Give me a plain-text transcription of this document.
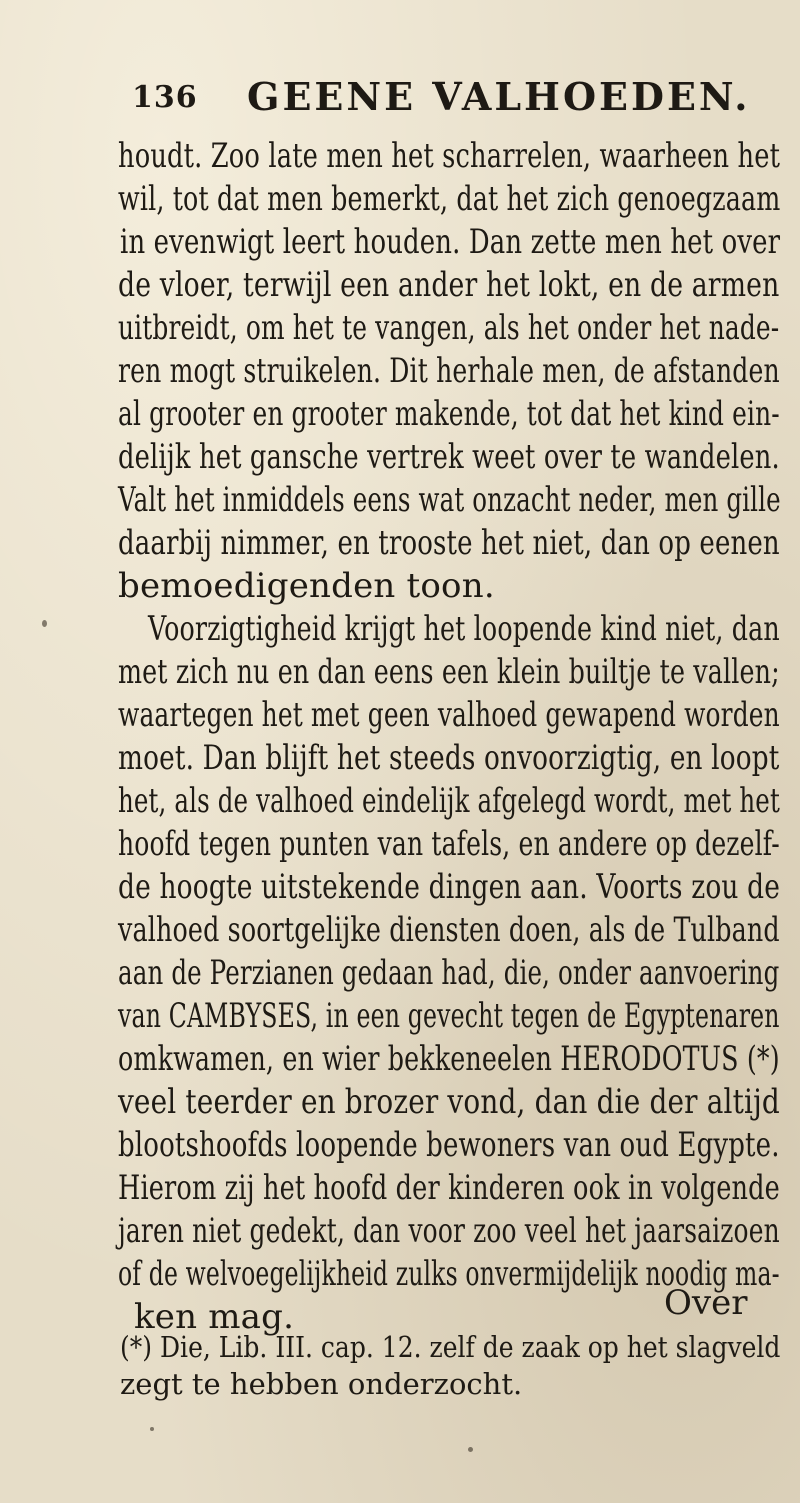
136 GEENE VALHOEDEN.
houdt. Zoo late men het scharrelen, waarheen het
wil, tot dat men bemerkt, dat het zich genoegzaam
in evenwigt leert houden. Dan zette men het over
de vloer, terwijl een ander het lokt, en de armen
uitbreidt, om het te vangen, als het onder het nade-
ren mogt struikelen. Dit herhale men, de afstanden
al grooter en grooter makende, tot dat het kind ein-
delijk het gansche vertrek weet over te wandelen.
Valt het inmiddels eens wat onzacht neder, men gille
daarbij nimmer, en trooste het niet, dan op eenen
bemoedigenden toon.
Voorzigtigheid krijgt het loopende kind niet, dan
met zich nu en dan eens een klein builtje te vallen;
waartegen het met geen valhoed gewapend worden
moet. Dan blijft het steeds onvoorzigtig, en loopt
het, als de valhoed eindelijk afgelegd wordt, met het
hoofd tegen punten van tafels, en andere op dezelf-
de hoogte uitstekende dingen aan. Voorts zou de
valhoed soortgelijke diensten doen, als de Tulband
aan de Perzianen gedaan had, die, onder aanvoering
van CAMBYSES, in een gevecht tegen de Egyptenaren
omkwamen, en wier bekkeneelen HERODOTUS (*)
veel teerder en brozer vond, dan die der altijd
blootshoofds loopende bewoners van oud Egypte.
Hierom zij het hoofd der kinderen ook in volgende
jaren niet gedekt, dan voor zoo veel het jaarsaizoen
of de welvoegelijkheid zulks onvermijdelijk noodig ma-
ken mag.	Over
(*) Die, Lib. III. cap. 12. zelf de zaak op het slagveld
zegt te hebben onderzocht.
